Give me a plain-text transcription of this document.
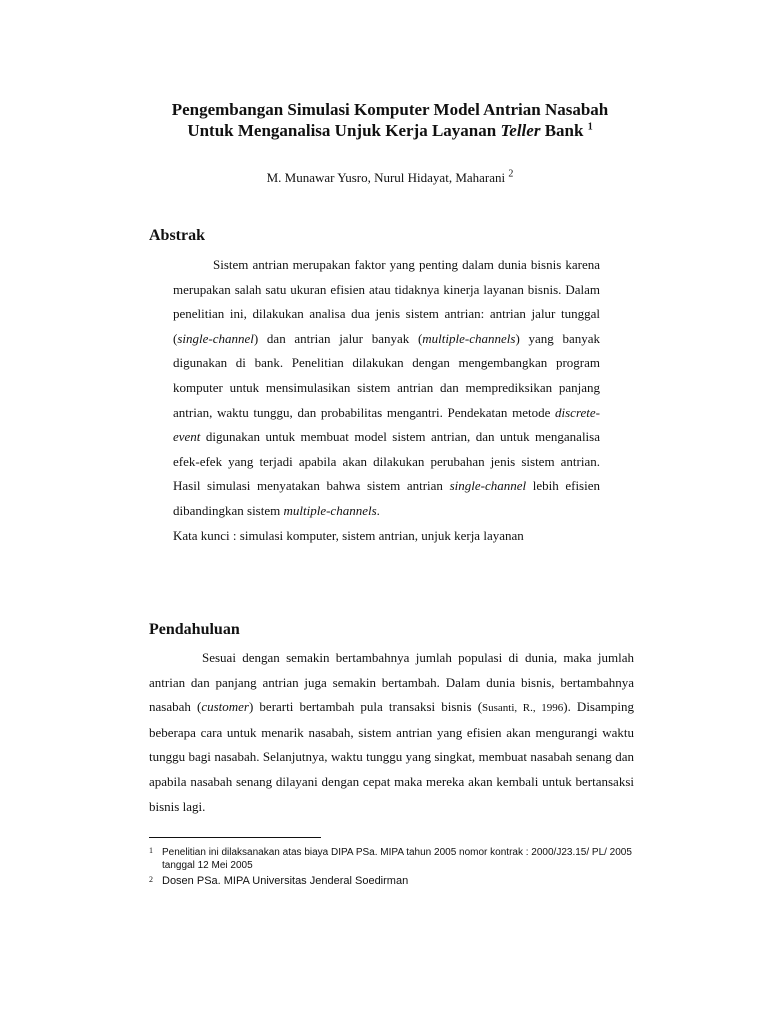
Pengembangan Simulasi Komputer Model Antrian Nasabah
Untuk Menganalisa Unjuk Kerja Layanan Teller Bank $^1$
M. Munawar Yusro, Nurul Hidayat, Maharani $^2$
Abstrak

Sistem antrian merupakan faktor yang penting dalam dunia bisnis karena merupakan salah satu ukuran efisien atau tidaknya kinerja layanan bisnis. Dalam penelitian ini, dilakukan analisa dua jenis sistem antrian: antrian jalur tunggal (single-channel) dan antrian jalur banyak (multiple-channels) yang banyak digunakan di bank. Penelitian dilakukan dengan mengembangkan program komputer untuk mensimulasikan sistem antrian dan memprediksikan panjang antrian, waktu tunggu, dan probabilitas mengantri. Pendekatan metode discrete-event digunakan untuk membuat model sistem antrian, dan untuk menganalisa efek-efek yang terjadi apabila akan dilakukan perubahan jenis sistem antrian. Hasil simulasi menyatakan bahwa sistem antrian single-channel lebih efisien dibandingkan sistem multiple-channels.

Kata kunci : simulasi komputer, sistem antrian, unjuk kerja layanan

Pendahuluan

Sesuai dengan semakin bertambahnya jumlah populasi di dunia, maka jumlah antrian dan panjang antrian juga semakin bertambah. Dalam dunia bisnis, bertambahnya nasabah (customer) berarti bertambah pula transaksi bisnis (Susanti, R., 1996). Disamping beberapa cara untuk menarik nasabah, sistem antrian yang efisien akan mengurangi waktu tunggu bagi nasabah. Selanjutnya, waktu tunggu yang singkat, membuat nasabah senang dan apabila nasabah senang dilayani dengan cepat maka mereka akan kembali untuk bertansaksi bisnis lagi.

1 Penelitian ini dilaksanakan atas biaya DIPA PSa. MIPA tahun 2005 nomor kontrak : 2000/J23.15/ PL/ 2005 tanggal 12 Mei 2005
2 Dosen PSa. MIPA Universitas Jenderal Soedirman
